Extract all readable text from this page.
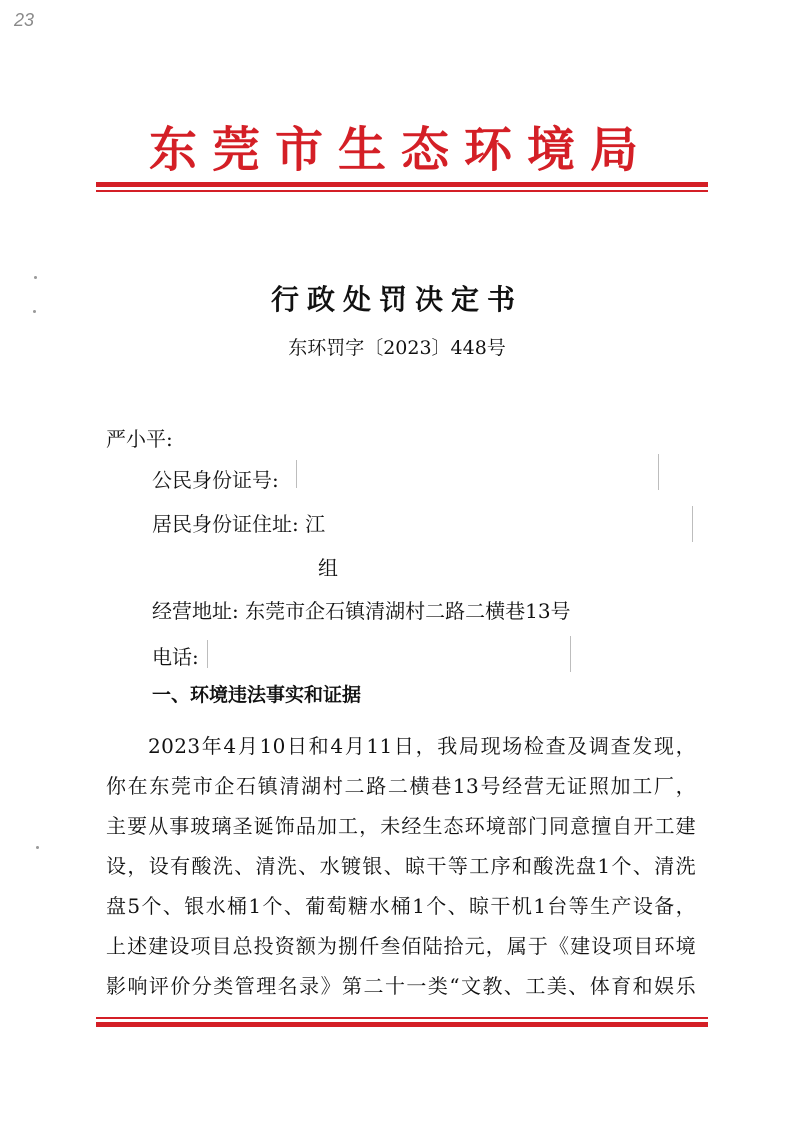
23
东莞市生态环境局
行政处罚决定书
东环罚字〔2023〕448号
严小平:
公民身份证号:
居民身份证住址: 江
组
经营地址: 东莞市企石镇清湖村二路二横巷13号
电话:
一、环境违法事实和证据
2023年4月10日和4月11日，我局现场检查及调查发现，
你在东莞市企石镇清湖村二路二横巷13号经营无证照加工厂，
主要从事玻璃圣诞饰品加工，未经生态环境部门同意擅自开工建
设，设有酸洗、清洗、水镀银、晾干等工序和酸洗盘1个、清洗
盘5个、银水桶1个、葡萄糖水桶1个、晾干机1台等生产设备，
上述建设项目总投资额为捌仟叁佰陆拾元，属于《建设项目环境
影响评价分类管理名录》第二十一类“文教、工美、体育和娱乐
